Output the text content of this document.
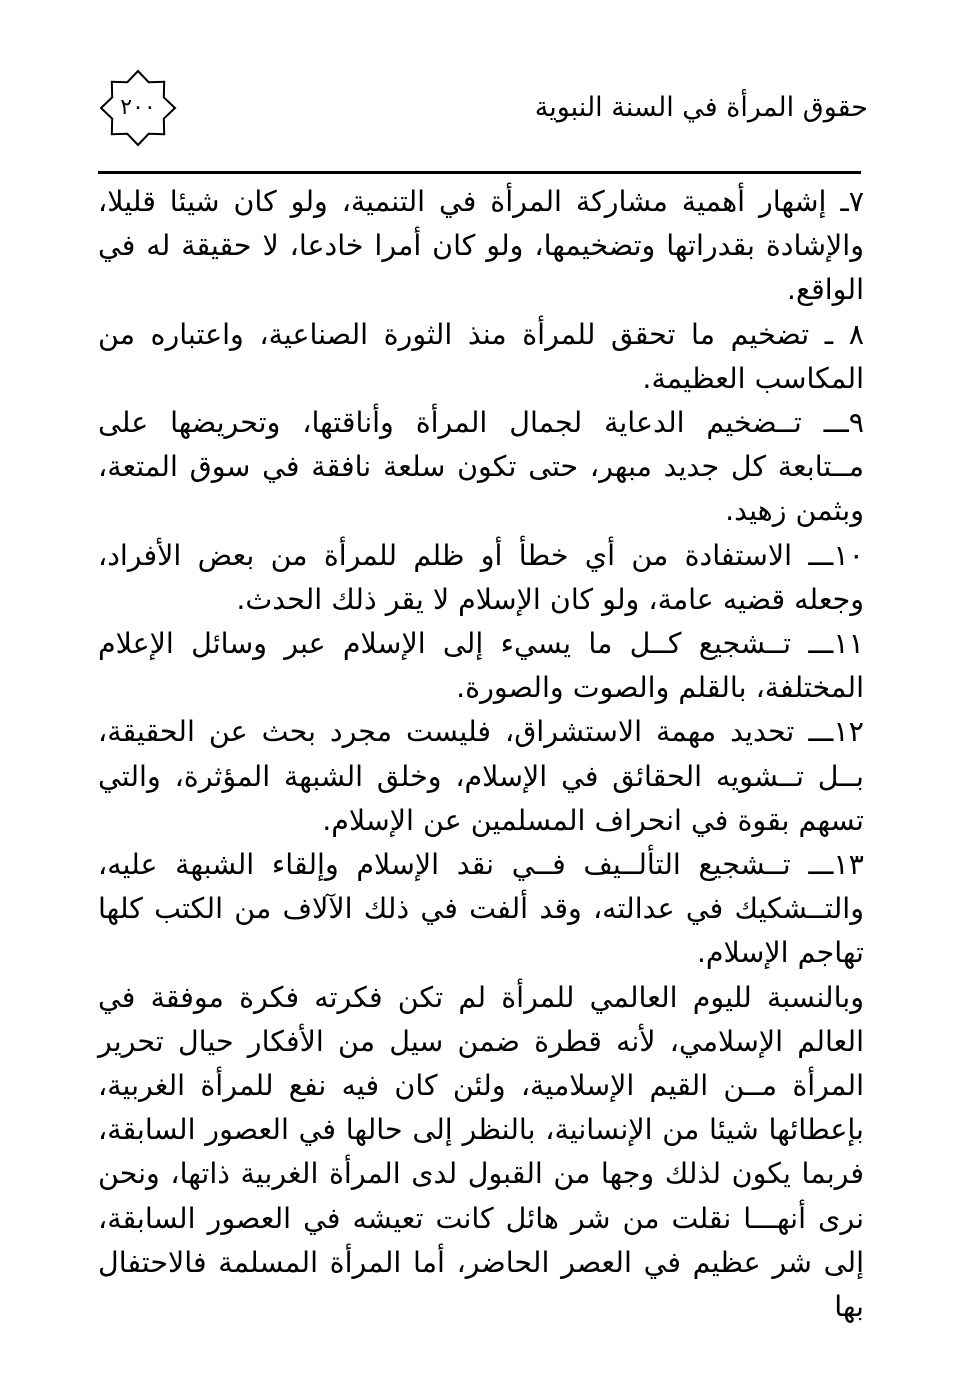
٢٠٠	حقوق المرأة في السنة النبوية

٧ـ إشهار أهمية مشاركة المرأة في التنمية، ولو كان شيئا قليلا، والإشادة بقدراتها وتضخيمها، ولو كان أمرا خادعا، لا حقيقة له في الواقع.

٨ ـ تضخيم ما تحقق للمرأة منذ الثورة الصناعية، واعتباره من المكاسب العظيمة.

٩ـــ تــضخيم الدعاية لجمال المرأة وأناقتها، وتحريضها على مــتابعة كل جديد مبهر، حتى تكون سلعة نافقة في سوق المتعة، وبثمن زهيد.

١٠ـــ الاستفادة من أي خطأ أو ظلم للمرأة من بعض الأفراد، وجعله قضيه عامة، ولو كان الإسلام لا يقر ذلك الحدث.

١١ـــ تــشجيع كــل ما يسيء إلى الإسلام عبر وسائل الإعلام المختلفة، بالقلم والصوت والصورة.

١٢ـــ تحديد مهمة الاستشراق، فليست مجرد بحث عن الحقيقة، بــل تــشويه الحقائق في الإسلام، وخلق الشبهة المؤثرة، والتي تسهم بقوة في انحراف المسلمين عن الإسلام.

١٣ـــ تــشجيع التألــيف فــي نقد الإسلام وإلقاء الشبهة عليه، والتــشكيك في عدالته، وقد ألفت في ذلك الآلاف من الكتب كلها تهاجم الإسلام.

وبالنسبة لليوم العالمي للمرأة لم تكن فكرته فكرة موفقة في العالم الإسلامي، لأنه قطرة ضمن سيل من الأفكار حيال تحرير المرأة مــن القيم الإسلامية، ولئن كان فيه نفع للمرأة الغربية، بإعطائها شيئا من الإنسانية، بالنظر إلى حالها في العصور السابقة، فربما يكون لذلك وجها من القبول لدى المرأة الغربية ذاتها، ونحن نرى أنهـــا نقلت من شر هائل كانت تعيشه في العصور السابقة، إلى شر عظيم في العصر الحاضر، أما المرأة المسلمة فالاحتفال بها
